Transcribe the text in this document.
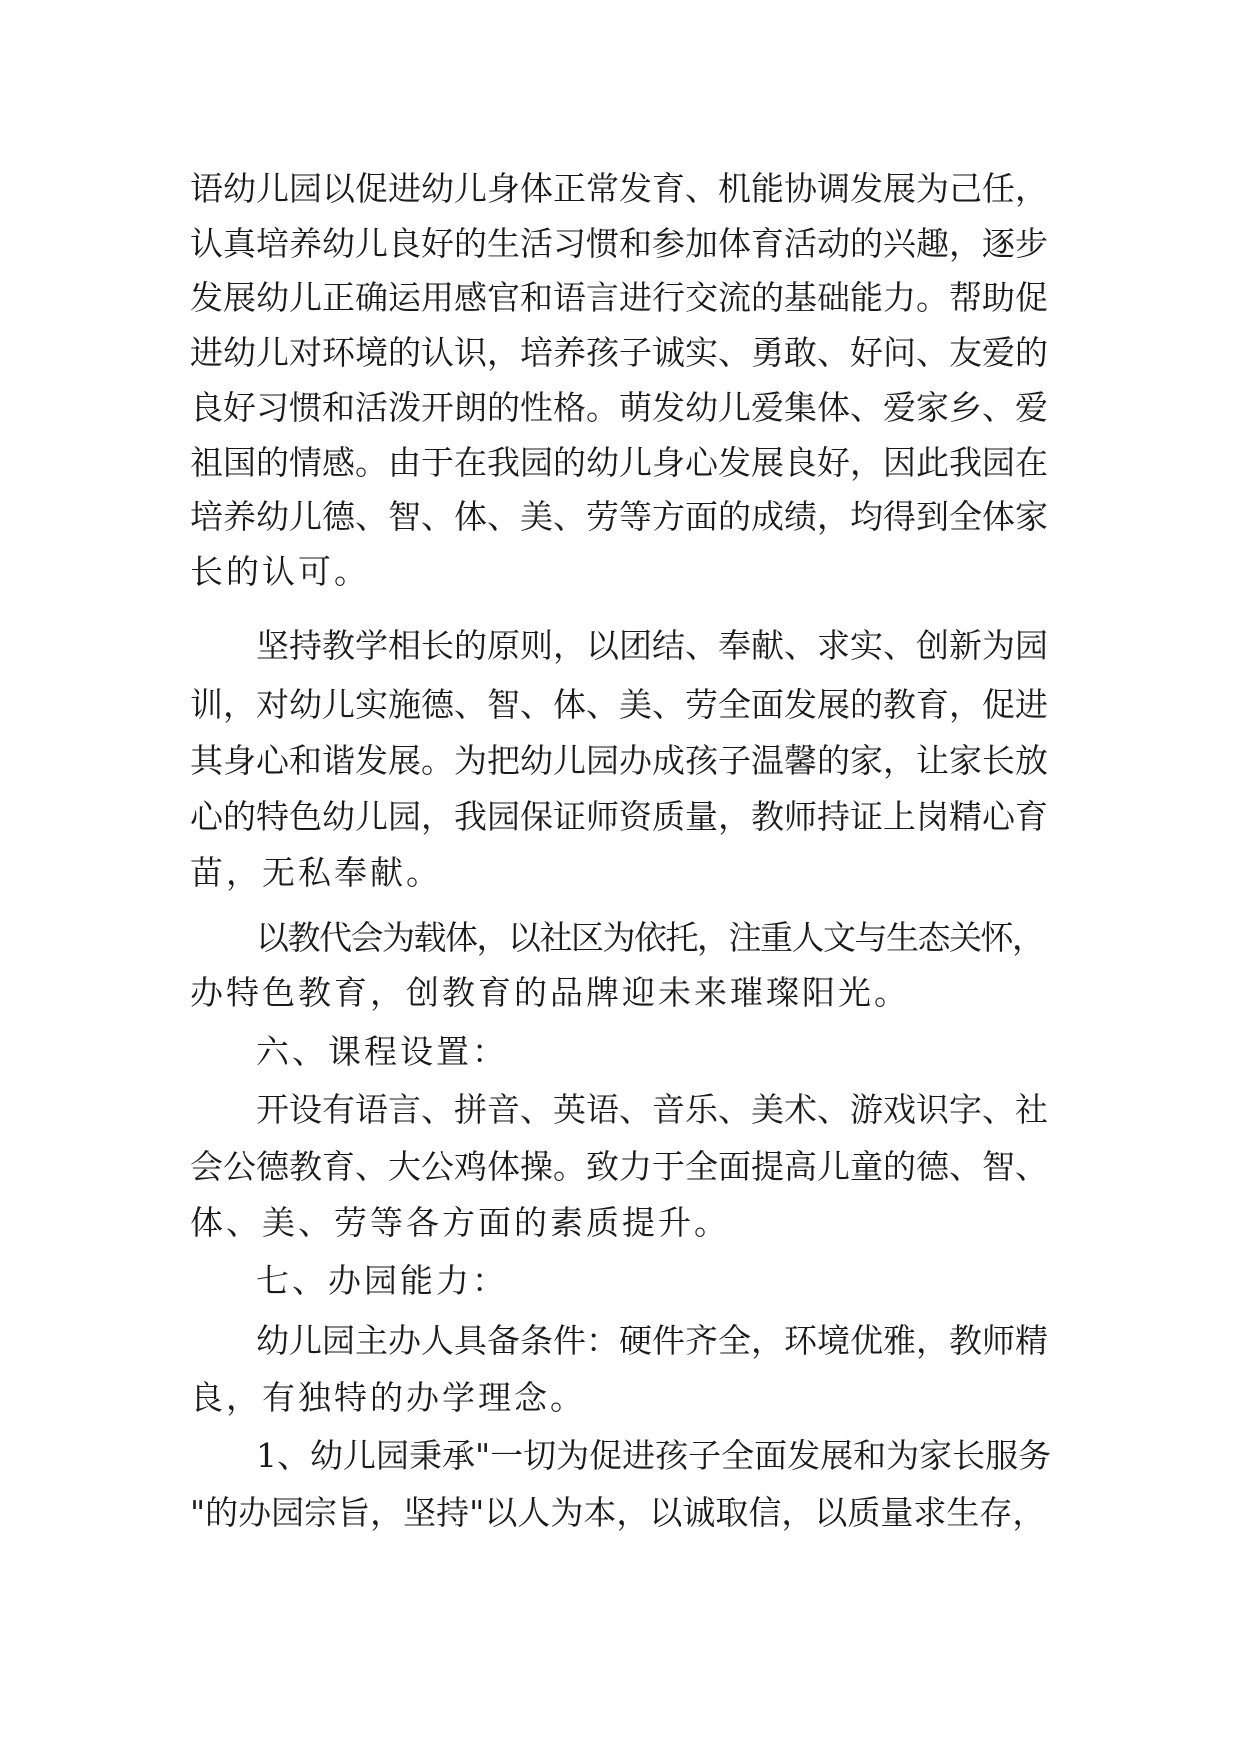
语幼儿园以促进幼儿身体正常发育、机能协调发展为己任，
认真培养幼儿良好的生活习惯和参加体育活动的兴趣，逐步
发展幼儿正确运用感官和语言进行交流的基础能力。帮助促
进幼儿对环境的认识，培养孩子诚实、勇敢、好问、友爱的
良好习惯和活泼开朗的性格。萌发幼儿爱集体、爱家乡、爱
祖国的情感。由于在我园的幼儿身心发展良好，因此我园在
培养幼儿德、智、体、美、劳等方面的成绩，均得到全体家
长的认可。
坚持教学相长的原则，以团结、奉献、求实、创新为园
训，对幼儿实施德、智、体、美、劳全面发展的教育，促进
其身心和谐发展。为把幼儿园办成孩子温馨的家，让家长放
心的特色幼儿园，我园保证师资质量，教师持证上岗精心育
苗，无私奉献。
以教代会为载体，以社区为依托，注重人文与生态关怀，
办特色教育，创教育的品牌迎未来璀璨阳光。
六、课程设置：
开设有语言、拼音、英语、音乐、美术、游戏识字、社
会公德教育、大公鸡体操。致力于全面提高儿童的德、智、
体、美、劳等各方面的素质提升。
七、办园能力：
幼儿园主办人具备条件：硬件齐全，环境优雅，教师精
良，有独特的办学理念。
1、幼儿园秉承"一切为促进孩子全面发展和为家长服务
"的办园宗旨，坚持"以人为本，以诚取信，以质量求生存，
